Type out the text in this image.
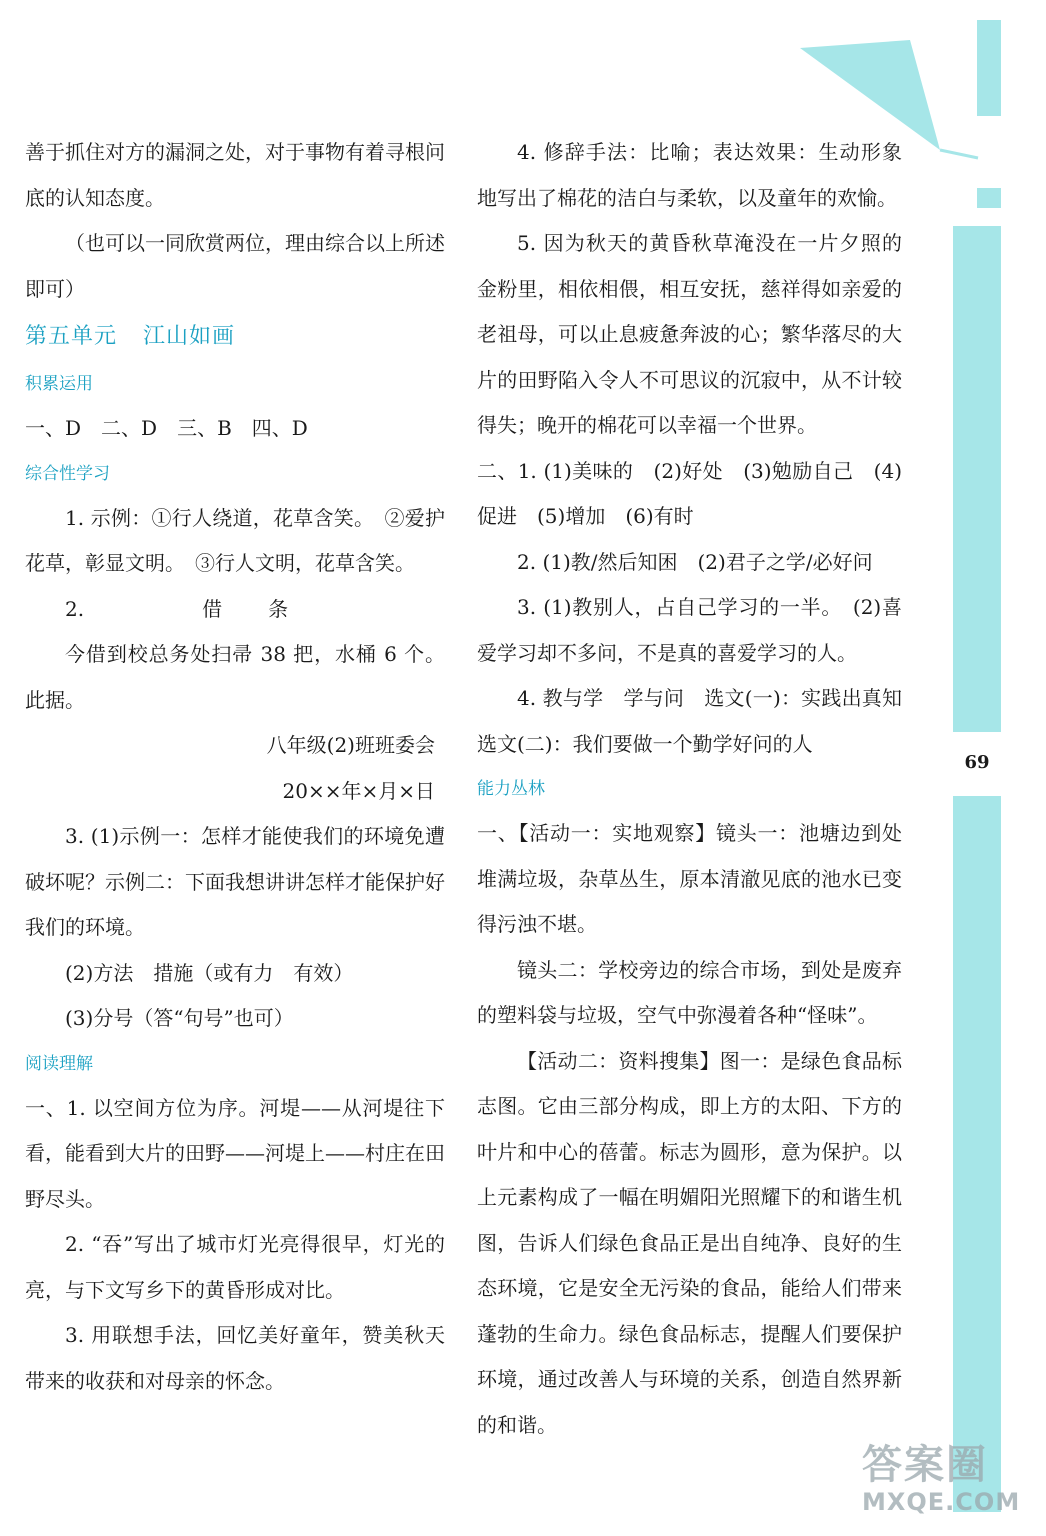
善于抓住对方的漏洞之处，对于事物有着寻根问底的认知态度。

（也可以一同欣赏两位，理由综合以上所述即可）

第五单元 江山如画

积累运用

一、D　二、D　三、B　四、D

综合性学习

1. 示例：①行人绕道，花草含笑。　②爱护花草，彰显文明。　③行人文明，花草含笑。

2.	借 条

今借到校总务处扫帚 38 把，水桶 6 个。此据。

八年级(2)班班委会

20××年×月×日

3. (1)示例一：怎样才能使我们的环境免遭破坏呢？示例二：下面我想讲讲怎样才能保护好我们的环境。

(2)方法　措施（或有力　有效）

(3)分号（答“句号”也可）

阅读理解

一、1. 以空间方位为序。河堤——从河堤往下看，能看到大片的田野——河堤上——村庄在田野尽头。

2. “吞”写出了城市灯光亮得很早，灯光的亮，与下文写乡下的黄昏形成对比。

3. 用联想手法，回忆美好童年，赞美秋天带来的收获和对母亲的怀念。

4. 修辞手法：比喻；表达效果：生动形象地写出了棉花的洁白与柔软，以及童年的欢愉。

5. 因为秋天的黄昏秋草淹没在一片夕照的金粉里，相依相偎，相互安抚，慈祥得如亲爱的老祖母，可以止息疲惫奔波的心；繁华落尽的大片的田野陷入令人不可思议的沉寂中，从不计较得失；晚开的棉花可以幸福一个世界。

二、1. (1)美味的　(2)好处　(3)勉励自己　(4)促进　(5)增加　(6)有时

2. (1)教/然后知困　(2)君子之学/必好问

3. (1)教别人，占自己学习的一半。　(2)喜爱学习却不多问，不是真的喜爱学习的人。

4. 教与学　学与问　选文(一)：实践出真知　选文(二)：我们要做一个勤学好问的人

能力丛林

一、【活动一：实地观察】镜头一：池塘边到处堆满垃圾，杂草丛生，原本清澈见底的池水已变得污浊不堪。

镜头二：学校旁边的综合市场，到处是废弃的塑料袋与垃圾，空气中弥漫着各种“怪味”。

【活动二：资料搜集】图一：是绿色食品标志图。它由三部分构成，即上方的太阳、下方的叶片和中心的蓓蕾。标志为圆形，意为保护。以上元素构成了一幅在明媚阳光照耀下的和谐生机图，告诉人们绿色食品正是出自纯净、良好的生态环境，它是安全无污染的食品，能给人们带来蓬勃的生命力。绿色食品标志，提醒人们要保护环境，通过改善人与环境的关系，创造自然界新的和谐。

69
答案圈
MXQE.COM
